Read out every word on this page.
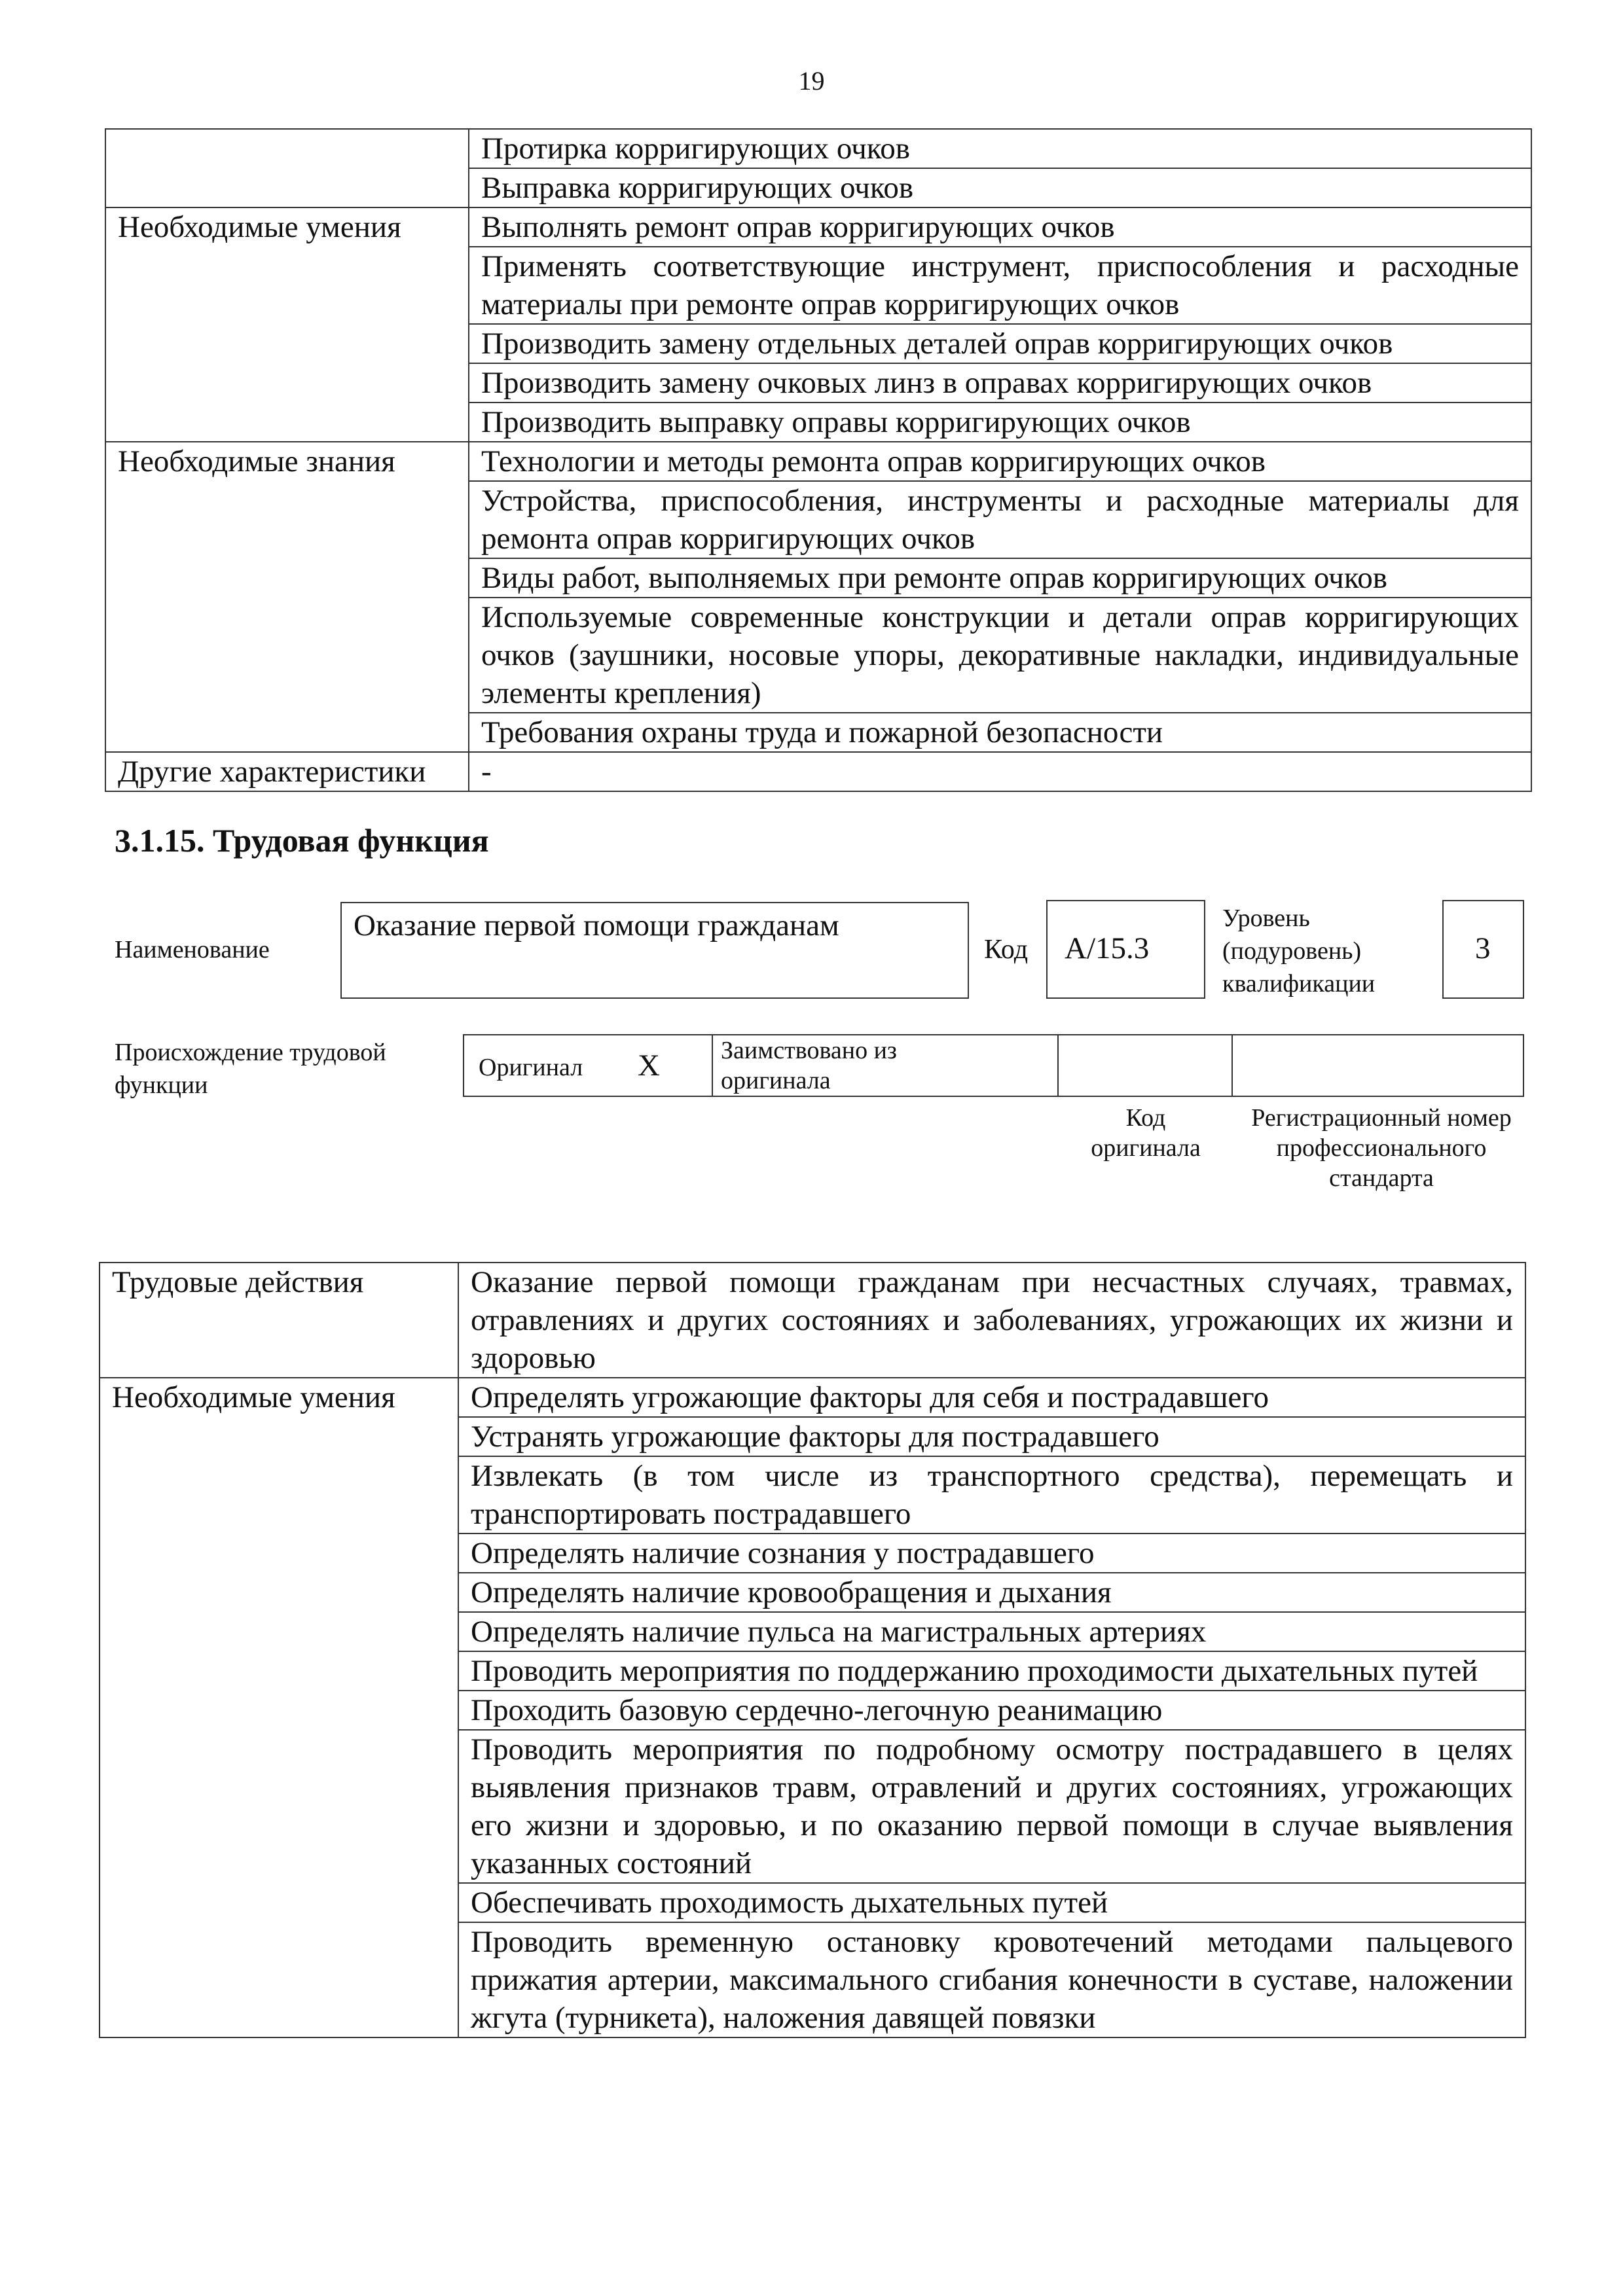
19
	Протирка корригирующих очков
	Выправка корригирующих очков
Необходимые умения	Выполнять ремонт оправ корригирующих очков
	Применять соответствующие инструмент, приспособления и расходные материалы при ремонте оправ корригирующих очков
	Производить замену отдельных деталей оправ корригирующих очков
	Производить замену очковых линз в оправах корригирующих очков
	Производить выправку оправы корригирующих очков
Необходимые знания	Технологии и методы ремонта оправ корригирующих очков
	Устройства, приспособления, инструменты и расходные материалы для ремонта оправ корригирующих очков
	Виды работ, выполняемых при ремонте оправ корригирующих очков
	Используемые современные конструкции и детали оправ корригирующих очков (заушники, носовые упоры, декоративные накладки, индивидуальные элементы крепления)
	Требования охраны труда и пожарной безопасности
Другие характеристики	-
3.1.15. Трудовая функция
Наименование
Оказание первой помощи гражданам
Код А/15.3
Уровень (подуровень) квалификации
3
Происхождение трудовой функции
Оригинал X Заимствовано из оригинала
Код оригинала
Регистрационный номер профессионального стандарта
Трудовые действия	Оказание первой помощи гражданам при несчастных случаях, травмах, отравлениях и других состояниях и заболеваниях, угрожающих их жизни и здоровью
Необходимые умения	Определять угрожающие факторы для себя и пострадавшего
	Устранять угрожающие факторы для пострадавшего
	Извлекать (в том числе из транспортного средства), перемещать и транспортировать пострадавшего
	Определять наличие сознания у пострадавшего
	Определять наличие кровообращения и дыхания
	Определять наличие пульса на магистральных артериях
	Проводить мероприятия по поддержанию проходимости дыхательных путей
	Проходить базовую сердечно-легочную реанимацию
	Проводить мероприятия по подробному осмотру пострадавшего в целях выявления признаков травм, отравлений и других состояниях, угрожающих его жизни и здоровью, и по оказанию первой помощи в случае выявления указанных состояний
	Обеспечивать проходимость дыхательных путей
	Проводить временную остановку кровотечений методами пальцевого прижатия артерии, максимального сгибания конечности в суставе, наложении жгута (турникета), наложения давящей повязки
